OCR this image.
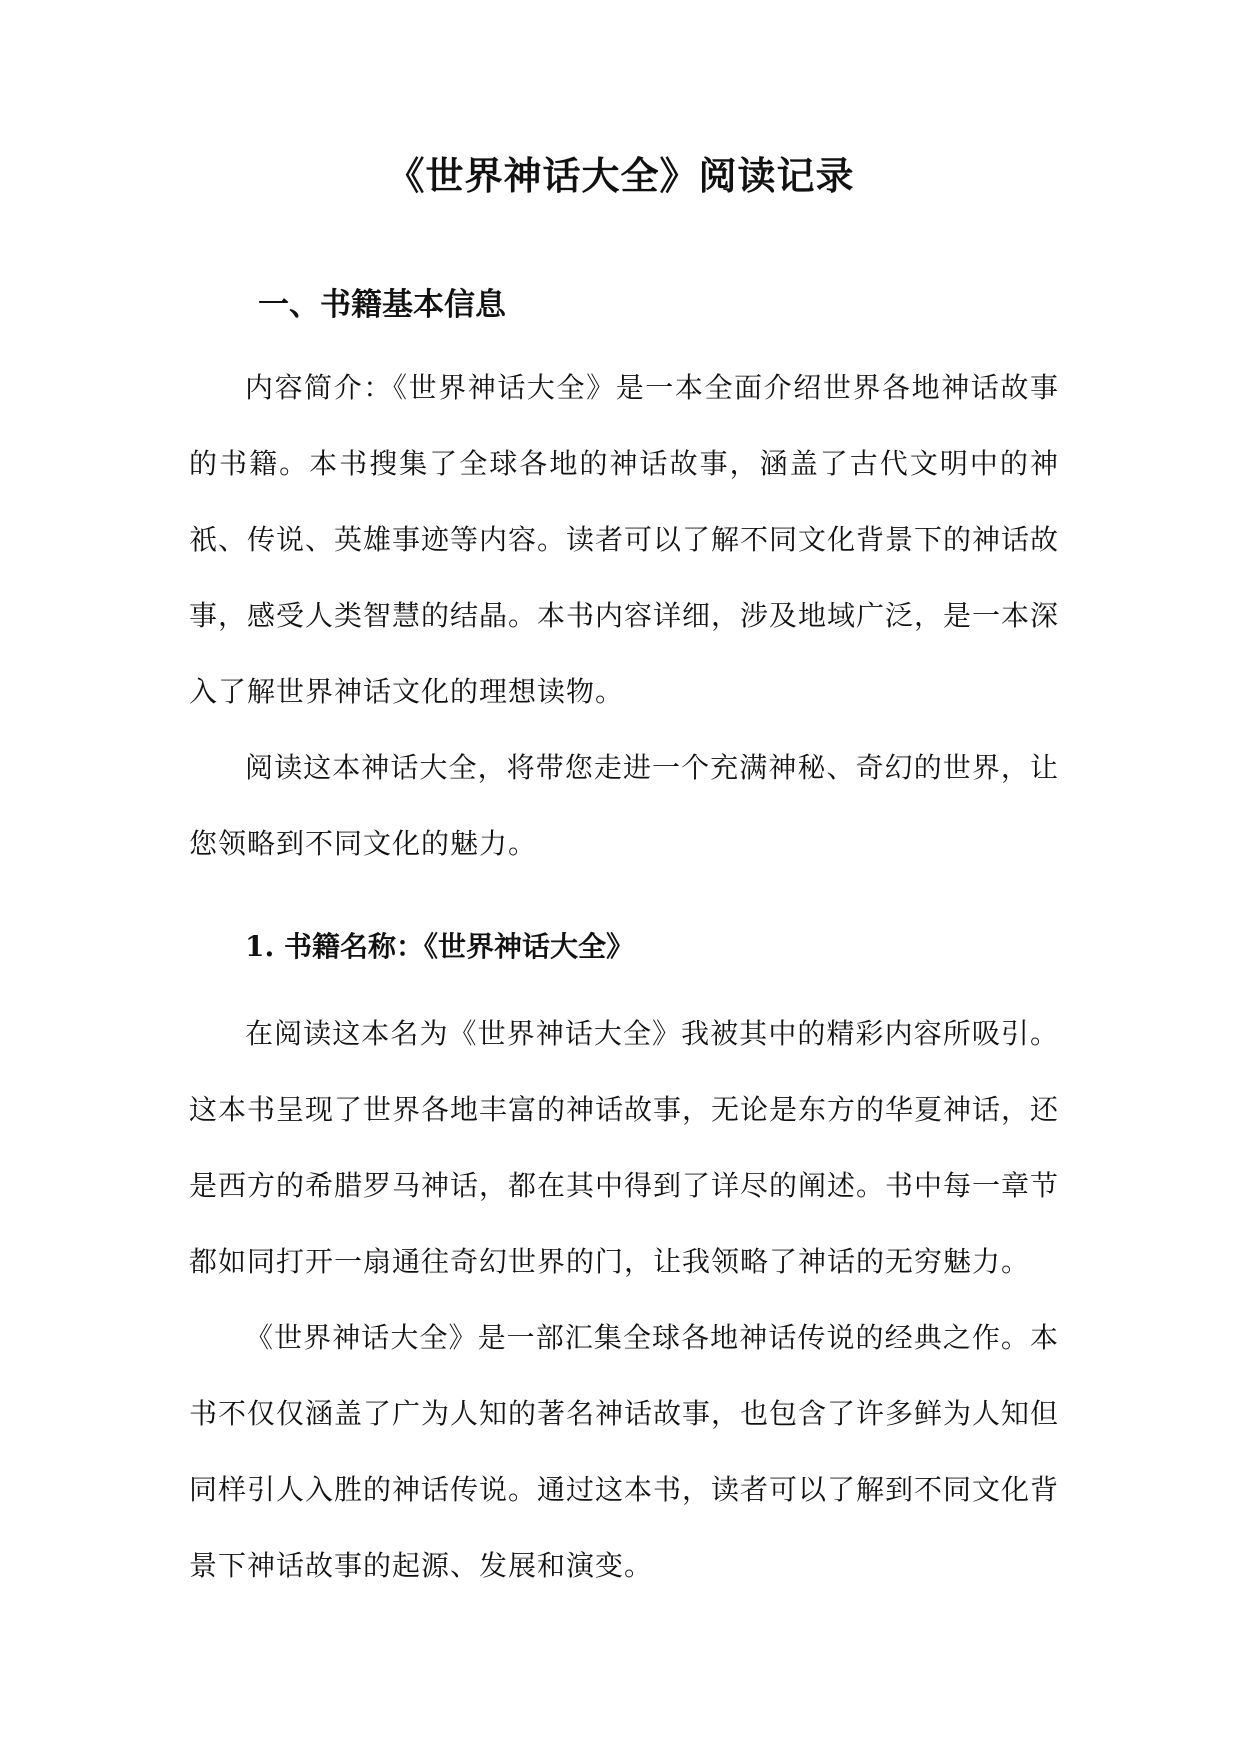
《世界神话大全》阅读记录
一、书籍基本信息

内容简介：《世界神话大全》是一本全面介绍世界各地神话故事的书籍。本书搜集了全球各地的神话故事，涵盖了古代文明中的神祇、传说、英雄事迹等内容。读者可以了解不同文化背景下的神话故事，感受人类智慧的结晶。本书内容详细，涉及地域广泛，是一本深入了解世界神话文化的理想读物。

阅读这本神话大全，将带您走进一个充满神秘、奇幻的世界，让您领略到不同文化的魅力。

1. 书籍名称：《世界神话大全》

在阅读这本名为《世界神话大全》我被其中的精彩内容所吸引。这本书呈现了世界各地丰富的神话故事，无论是东方的华夏神话，还是西方的希腊罗马神话，都在其中得到了详尽的阐述。书中每一章节都如同打开一扇通往奇幻世界的门，让我领略了神话的无穷魅力。

《世界神话大全》是一部汇集全球各地神话传说的经典之作。本书不仅仅涵盖了广为人知的著名神话故事，也包含了许多鲜为人知但同样引人入胜的神话传说。通过这本书，读者可以了解到不同文化背景下神话故事的起源、发展和演变。
